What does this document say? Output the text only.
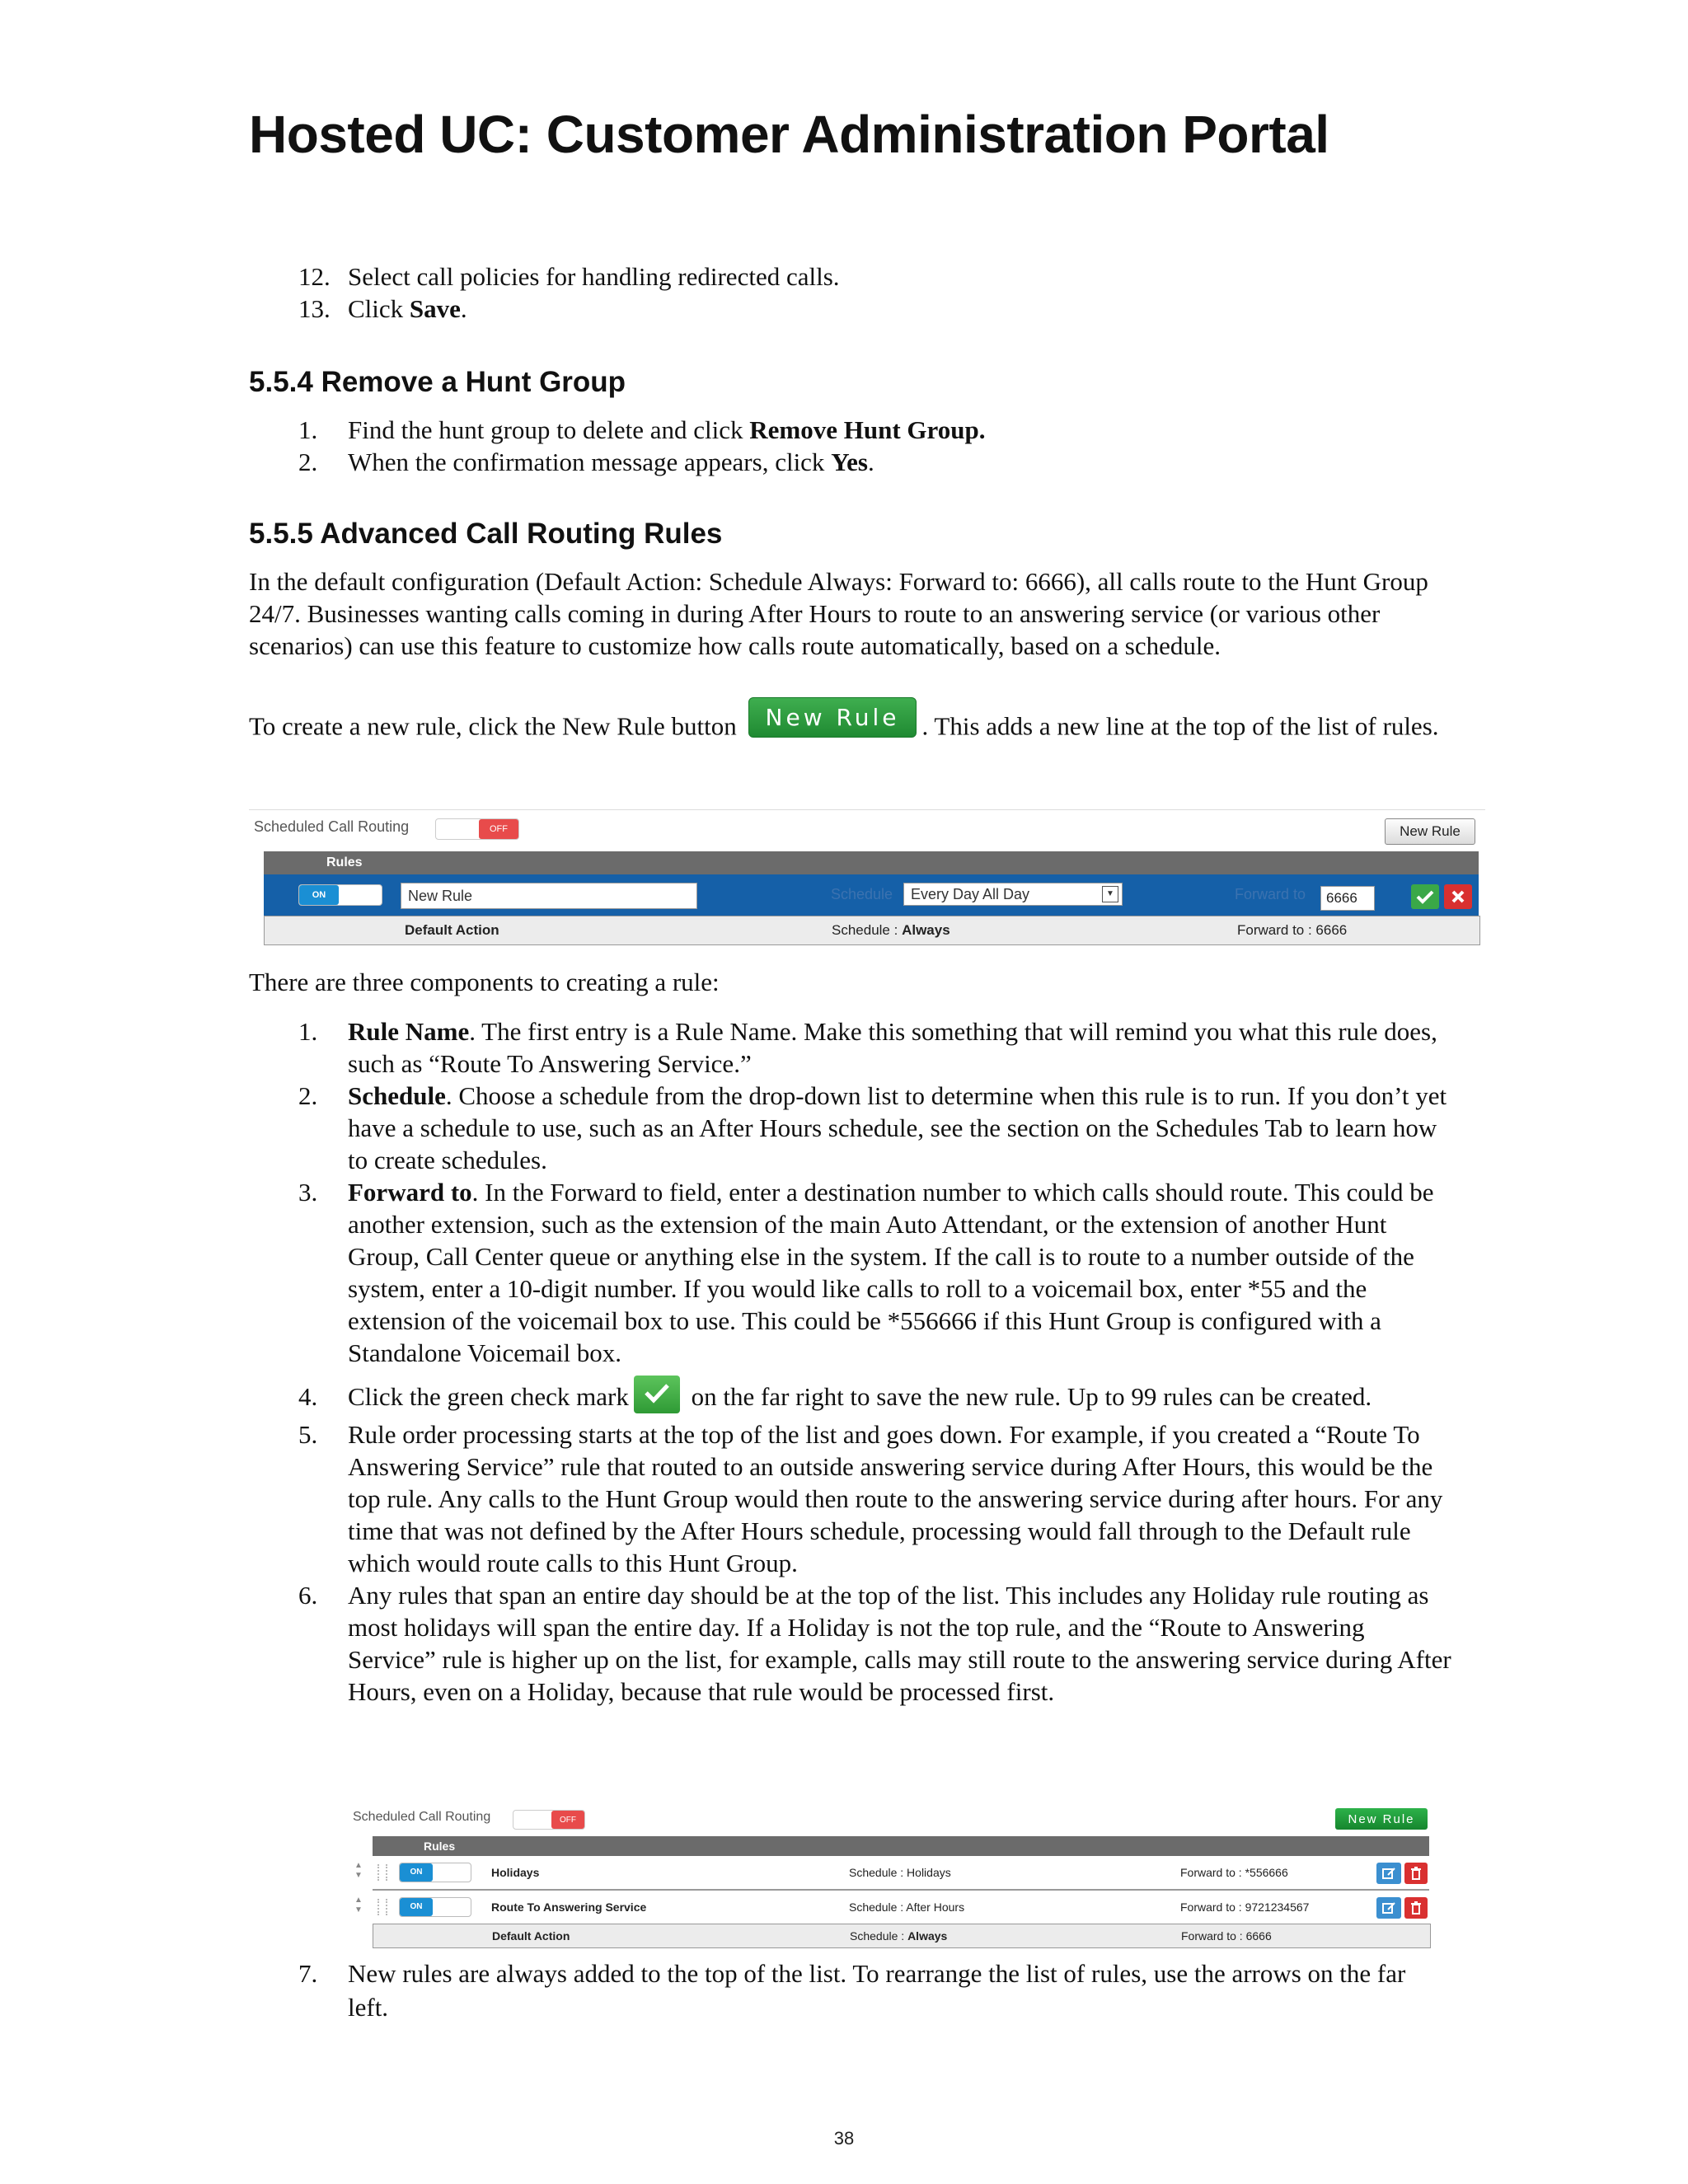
Hosted UC: Customer Administration Portal
12. Select call policies for handling redirected calls.
13. Click Save.
5.5.4 Remove a Hunt Group
1.	Find the hunt group to delete and click Remove Hunt Group.
2.	When the confirmation message appears, click Yes.
5.5.5 Advanced Call Routing Rules

In the default configuration (Default Action: Schedule Always: Forward to: 6666), all calls route to the Hunt Group 24/7. Businesses wanting calls coming in during After Hours to route to an answering service (or various other scenarios) can use this feature to customize how calls route automatically, based on a schedule.

To create a new rule, click the New Rule button New Rule . This adds a new line at the top of the list of rules.

Scheduled Call Routing	OFF	New Rule
Rules
ON	New Rule	Schedule	Every Day All Day	▼	Forward to	6666
Default Action	Schedule : Always	Forward to : 6666

There are three components to creating a rule:

1.	Rule Name. The first entry is a Rule Name. Make this something that will remind you what this rule does, such as “Route To Answering Service.”
2.	Schedule. Choose a schedule from the drop-down list to determine when this rule is to run. If you don’t yet have a schedule to use, such as an After Hours schedule, see the section on the Schedules Tab to learn how to create schedules.
3.	Forward to. In the Forward to field, enter a destination number to which calls should route. This could be another extension, such as the extension of the main Auto Attendant, or the extension of another Hunt Group, Call Center queue or anything else in the system. If the call is to route to a number outside of the system, enter a 10-digit number. If you would like calls to roll to a voicemail box, enter *55 and the extension of the voicemail box to use. This could be *556666 if this Hunt Group is configured with a Standalone Voicemail box.
4.	Click the green check mark
on the far right to save the new rule. Up to 99 rules can be created.
5.	Rule order processing starts at the top of the list and goes down. For example, if you created a “Route To Answering Service” rule that routed to an outside answering service during After Hours, this would be the top rule. Any calls to the Hunt Group would then route to the answering service during after hours. For any time that was not defined by the After Hours schedule, processing would fall through to the Default rule which would route calls to this Hunt Group.
6.	Any rules that span an entire day should be at the top of the list. This includes any Holiday rule routing as most holidays will span the entire day. If a Holiday is not the top rule, and the “Route to Answering Service” rule is higher up on the list, for example, calls may still route to the answering service during After Hours, even on a Holiday, because that rule would be processed first.
Scheduled Call Routing	OFF	New Rule
Rules
▲
▼	ON	Holidays	Schedule : Holidays	Forward to : *556666
▲
▼	ON	Route To Answering Service	Schedule : After Hours	Forward to : 9721234567
Default Action	Schedule : Always	Forward to : 6666
7.	New rules are always added to the top of the list. To rearrange the list of rules, use the arrows on the far left.
38
